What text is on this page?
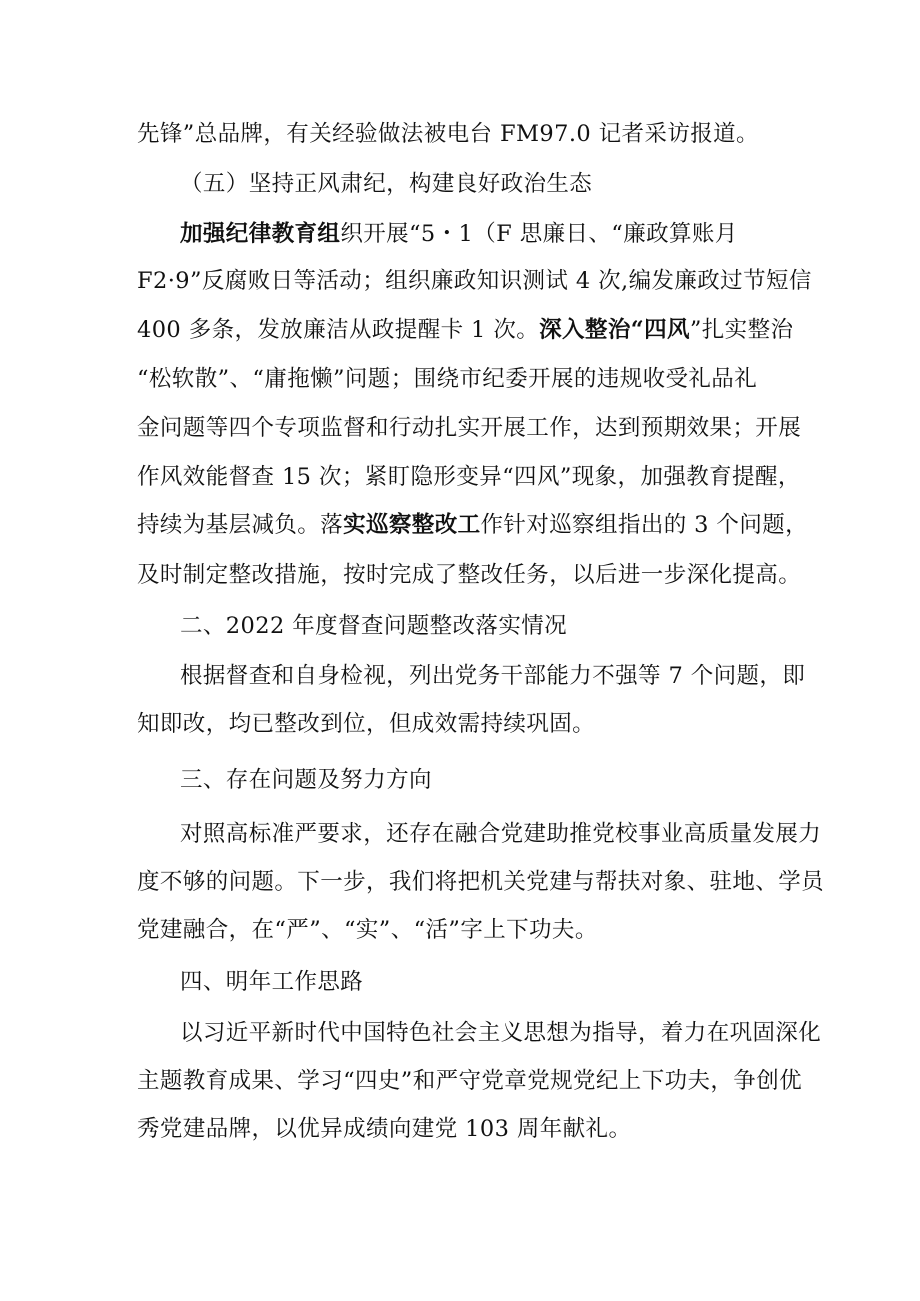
先锋”总品牌，有关经验做法被电台 FM97.0 记者采访报道。

（五）坚持正风肃纪，构建良好政治生态

加强纪律教育组织开展“5・1（F 思廉日、“廉政算账月

F2·9”反腐败日等活动；组织廉政知识测试 4 次,编发廉政过节短信

400 多条，发放廉洁从政提醒卡 1 次。深入整治“四风”扎实整治

“松软散”、“庸拖懒”问题；围绕市纪委开展的违规收受礼品礼

金问题等四个专项监督和行动扎实开展工作，达到预期效果；开展

作风效能督查 15 次；紧盯隐形变异“四风”现象，加强教育提醒，

持续为基层减负。落实巡察整改工作针对巡察组指出的 3 个问题，

及时制定整改措施，按时完成了整改任务，以后进一步深化提高。

二、2022 年度督查问题整改落实情况

根据督查和自身检视，列出党务干部能力不强等 7 个问题，即

知即改，均已整改到位，但成效需持续巩固。

三、存在问题及努力方向

对照高标准严要求，还存在融合党建助推党校事业高质量发展力

度不够的问题。下一步，我们将把机关党建与帮扶对象、驻地、学员

党建融合，在“严”、“实”、“活”字上下功夫。

四、明年工作思路

以习近平新时代中国特色社会主义思想为指导，着力在巩固深化

主题教育成果、学习“四史”和严守党章党规党纪上下功夫，争创优

秀党建品牌，以优异成绩向建党 103 周年献礼。
